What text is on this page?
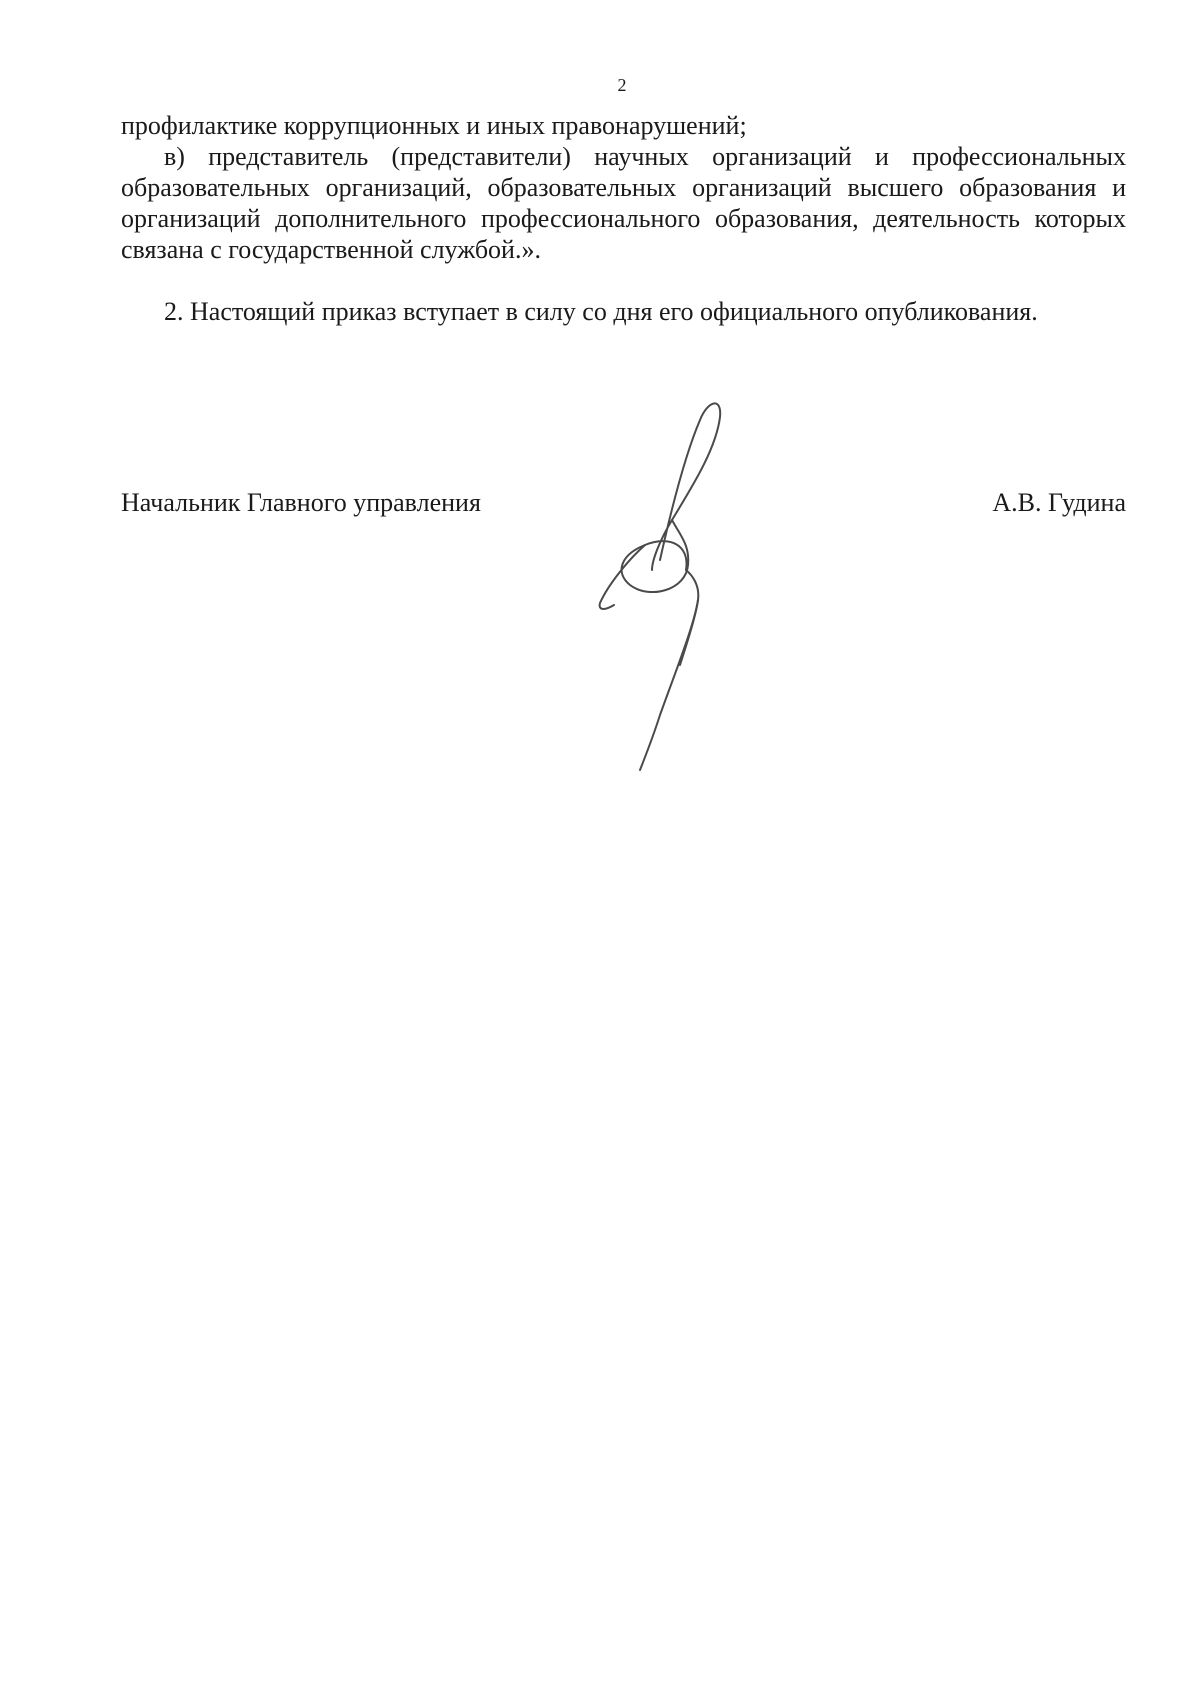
2

профилактике коррупционных и иных правонарушений;

в) представитель (представители) научных организаций и профессиональных образовательных организаций, образовательных организаций высшего образования и организаций дополнительного профессионального образования, деятельность которых связана с государственной службой.».

2. Настоящий приказ вступает в силу со дня его официального опубликования.

Начальник Главного управления	А.В. Гудина
